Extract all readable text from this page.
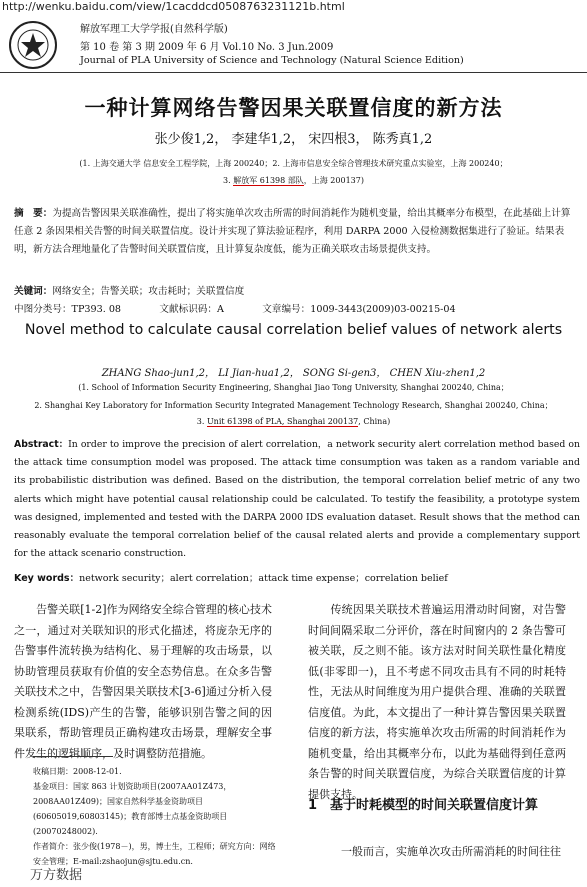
http://wenku.baidu.com/view/1cacddcd0508763231121b.html
解放军理工大学学报(自然科学版)
第 10 卷 第 3 期 2009 年 6 月 Vol.10 No. 3 Jun.2009
Journal of PLA University of Science and Technology (Natural Science Edition)
一种计算网络告警因果关联置信度的新方法
张少俊1,2， 李建华1,2， 宋四根3， 陈秀真1,2
(1. 上海交通大学 信息安全工程学院，上海 200240；2. 上海市信息安全综合管理技术研究重点实验室，上海 200240；
3. 解放军 61398 部队，上海 200137)
摘　要：为提高告警因果关联准确性，提出了将实施单次攻击所需的时间消耗作为随机变量，给出其概率分布模型，在此基础上计算任意 2 条因果相关告警的时间关联置信度。设计并实现了算法验证程序，利用 DARPA 2000 入侵检测数据集进行了验证。结果表明，新方法合理地量化了告警时间关联置信度，且计算复杂度低，能为正确关联攻击场景提供支持。
关键词：网络安全；告警关联；攻击耗时；关联置信度
中图分类号：TP393. 08　　　　文献标识码：A　　　　文章编号：1009-3443(2009)03-00215-04
Novel method to calculate causal correlation belief values of network alerts
ZHANG Shao-jun1,2， LI Jian-hua1,2， SONG Si-gen3， CHEN Xiu-zhen1,2
(1. School of Information Security Engineering, Shanghai Jiao Tong University, Shanghai 200240, China；
2. Shanghai Key Laboratory for Information Security Integrated Management Technology Research, Shanghai 200240, China；
3. Unit 61398 of PLA, Shanghai 200137, China)
Abstract：In order to improve the precision of alert correlation，a network security alert correlation method based on the attack time consumption model was proposed. The attack time consumption was taken as a random variable and its probabilistic distribution was defined. Based on the distribution, the temporal correlation belief metric of any two alerts which might have potential causal relationship could be calculated. To testify the feasibility, a prototype system was designed, implemented and tested with the DARPA 2000 IDS evaluation dataset. Result shows that the method can reasonably evaluate the temporal correlation belief of the causal related alerts and provide a complementary support for the attack scenario construction.
Key words：network security；alert correlation；attack time expense；correlation belief
　　告警关联[1-2]作为网络安全综合管理的核心技术之一，通过对关联知识的形式化描述，将庞杂无序的告警事件流转换为结构化、易于理解的攻击场景，以协助管理员获取有价值的安全态势信息。在众多告警关联技术之中，告警因果关联技术[3-6]通过分析入侵检测系统(IDS)产生的告警，能够识别告警之间的因果联系，帮助管理员正确构建攻击场景，理解安全事件发生的逻辑顺序，及时调整防范措施。
　　传统因果关联技术普遍运用滑动时间窗，对告警时间间隔采取二分评价，落在时间窗内的 2 条告警可被关联，反之则不能。该方法对时间关联性量化精度低(非零即一)，且不考虑不同攻击具有不同的时耗特性，无法从时间维度为用户提供合理、准确的关联置信度值。为此，本文提出了一种计算告警因果关联置信度的新方法，将实施单次攻击所需的时间消耗作为随机变量，给出其概率分布，以此为基础得到任意两条告警的时间关联置信度，为综合关联置信度的计算提供支持。
收稿日期：2008-12-01.
基金项目：国家 863 计划资助项目(2007AA01Z473，2008AA01Z409)；国家自然科学基金资助项目(60605019,60803145)；教育部博士点基金资助项目(20070248002).
作者简介：张少俊(1978－)，男，博士生，工程师；研究方向：网络安全管理；E-mail:zshaojun@sjtu.edu.cn.
1　基于时耗模型的时间关联置信度计算
　一般而言，实施单次攻击所需消耗的时间往往
万方数据
